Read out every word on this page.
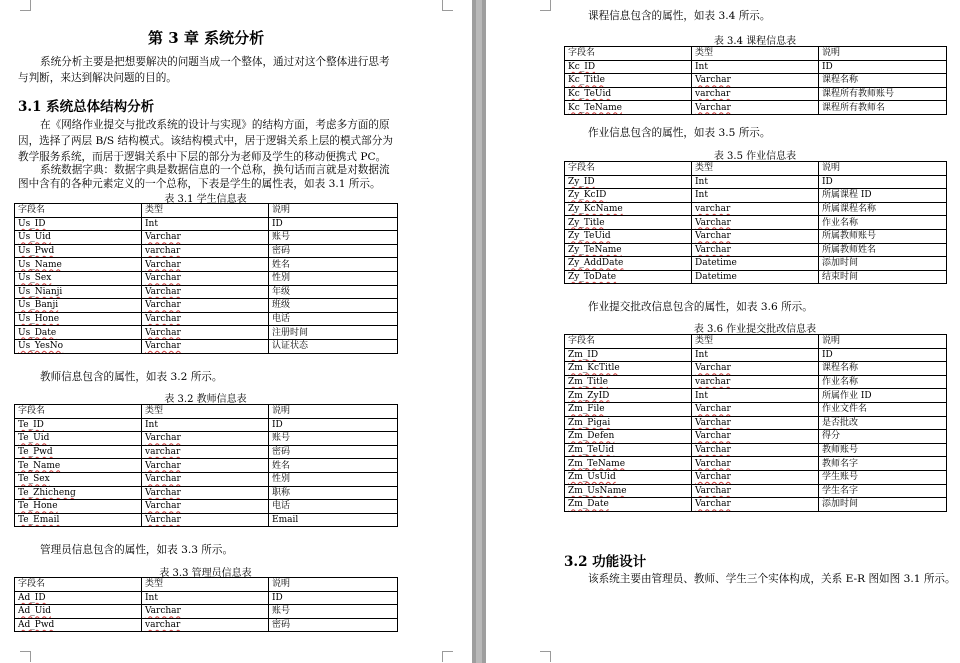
第 3 章 系统分析
系统分析主要是把想要解决的问题当成一个整体，通过对这个整体进行思考
与判断，来达到解决问题的目的。
3.1 系统总体结构分析
在《网络作业提交与批改系统的设计与实现》的结构方面，考虑多方面的原
因，选择了两层 B/S 结构模式。该结构模式中，居于逻辑关系上层的模式部分为
教学服务系统，而居于逻辑关系中下层的部分为老师及学生的移动便携式 PC。
系统数据字典：数据字典是数据信息的一个总称，换句话而言就是对数据流
图中含有的各种元素定义的一个总称，下表是学生的属性表，如表 3.1 所示。
表 3.1 学生信息表
字段名	类型	说明
Us_ID	Int	ID
Us_Uid	Varchar	账号
Us_Pwd	varchar	密码
Us_Name	Varchar	姓名
Us_Sex	Varchar	性别
Us_Nianji	Varchar	年级
Us_Banji	Varchar	班级
Us_Hone	Varchar	电话
Us_Date	Varchar	注册时间
Us_YesNo	Varchar	认证状态
教师信息包含的属性，如表 3.2 所示。
表 3.2 教师信息表
字段名	类型	说明
Te_ID	Int	ID
Te_Uid	Varchar	账号
Te_Pwd	varchar	密码
Te_Name	Varchar	姓名
Te_Sex	Varchar	性别
Te_Zhicheng	Varchar	职称
Te_Hone	Varchar	电话
Te_Email	Varchar	Email
管理员信息包含的属性，如表 3.3 所示。
表 3.3 管理员信息表
字段名	类型	说明
Ad_ID	Int	ID
Ad_Uid	Varchar	账号
Ad_Pwd	varchar	密码
课程信息包含的属性，如表 3.4 所示。
表 3.4 课程信息表
字段名	类型	说明
Kc_ID	Int	ID
Kc_Title	Varchar	课程名称
Kc_TeUid	varchar	课程所有教师账号
Kc_TeName	Varchar	课程所有教师名
作业信息包含的属性，如表 3.5 所示。
表 3.5 作业信息表
字段名	类型	说明
Zy_ID	Int	ID
Zy_KcID	Int	所属课程 ID
Zy_KcName	varchar	所属课程名称
Zy_Title	Varchar	作业名称
Zy_TeUid	Varchar	所属教师账号
Zy_TeName	Varchar	所属教师姓名
Zy_AddDate	Datetime	添加时间
Zy_ToDate	Datetime	结束时间
作业提交批改信息包含的属性，如表 3.6 所示。
表 3.6 作业提交批改信息表
字段名	类型	说明
Zm_ID	Int	ID
Zm_KcTitle	Varchar	课程名称
Zm_Title	varchar	作业名称
Zm_ZyID	Int	所属作业 ID
Zm_File	Varchar	作业文件名
Zm_Pigai	Varchar	是否批改
Zm_Defen	Varchar	得分
Zm_TeUid	Varchar	教师账号
Zm_TeName	Varchar	教师名字
Zm_UsUid	Varchar	学生账号
Zm_UsName	Varchar	学生名字
Zm_Date	Varchar	添加时间
3.2 功能设计
该系统主要由管理员、教师、学生三个实体构成，关系 E-R 图如图 3.1 所示。
